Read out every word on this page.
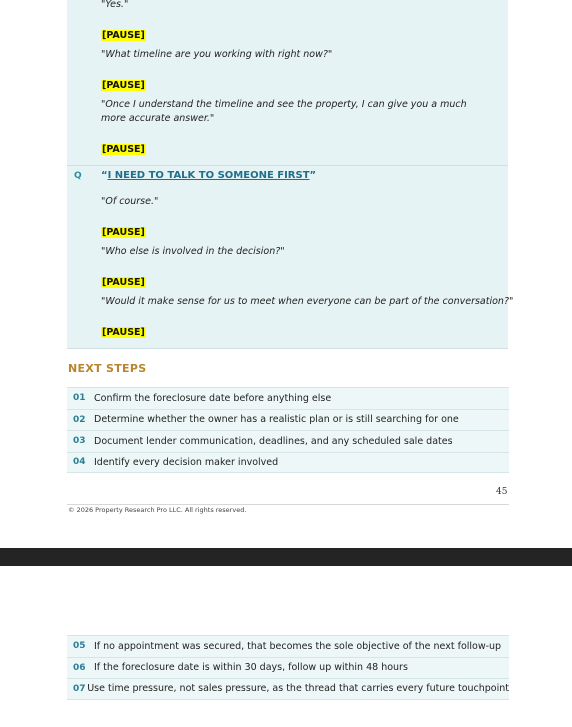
"Yes."
[PAUSE]
"What timeline are you working with right now?"
[PAUSE]
"Once I understand the timeline and see the property, I can give you a much more accurate answer."
[PAUSE]
Q “I NEED TO TALK TO SOMEONE FIRST”
"Of course."
[PAUSE]
"Who else is involved in the decision?"
[PAUSE]
"Would it make sense for us to meet when everyone can be part of the conversation?"
[PAUSE]
NEXT STEPS
01 Confirm the foreclosure date before anything else
02 Determine whether the owner has a realistic plan or is still searching for one
03 Document lender communication, deadlines, and any scheduled sale dates
04 Identify every decision maker involved
45
© 2026 Property Research Pro LLC. All rights reserved.
05 If no appointment was secured, that becomes the sole objective of the next follow-up
06 If the foreclosure date is within 30 days, follow up within 48 hours
07 Use time pressure, not sales pressure, as the thread that carries every future touchpoint
